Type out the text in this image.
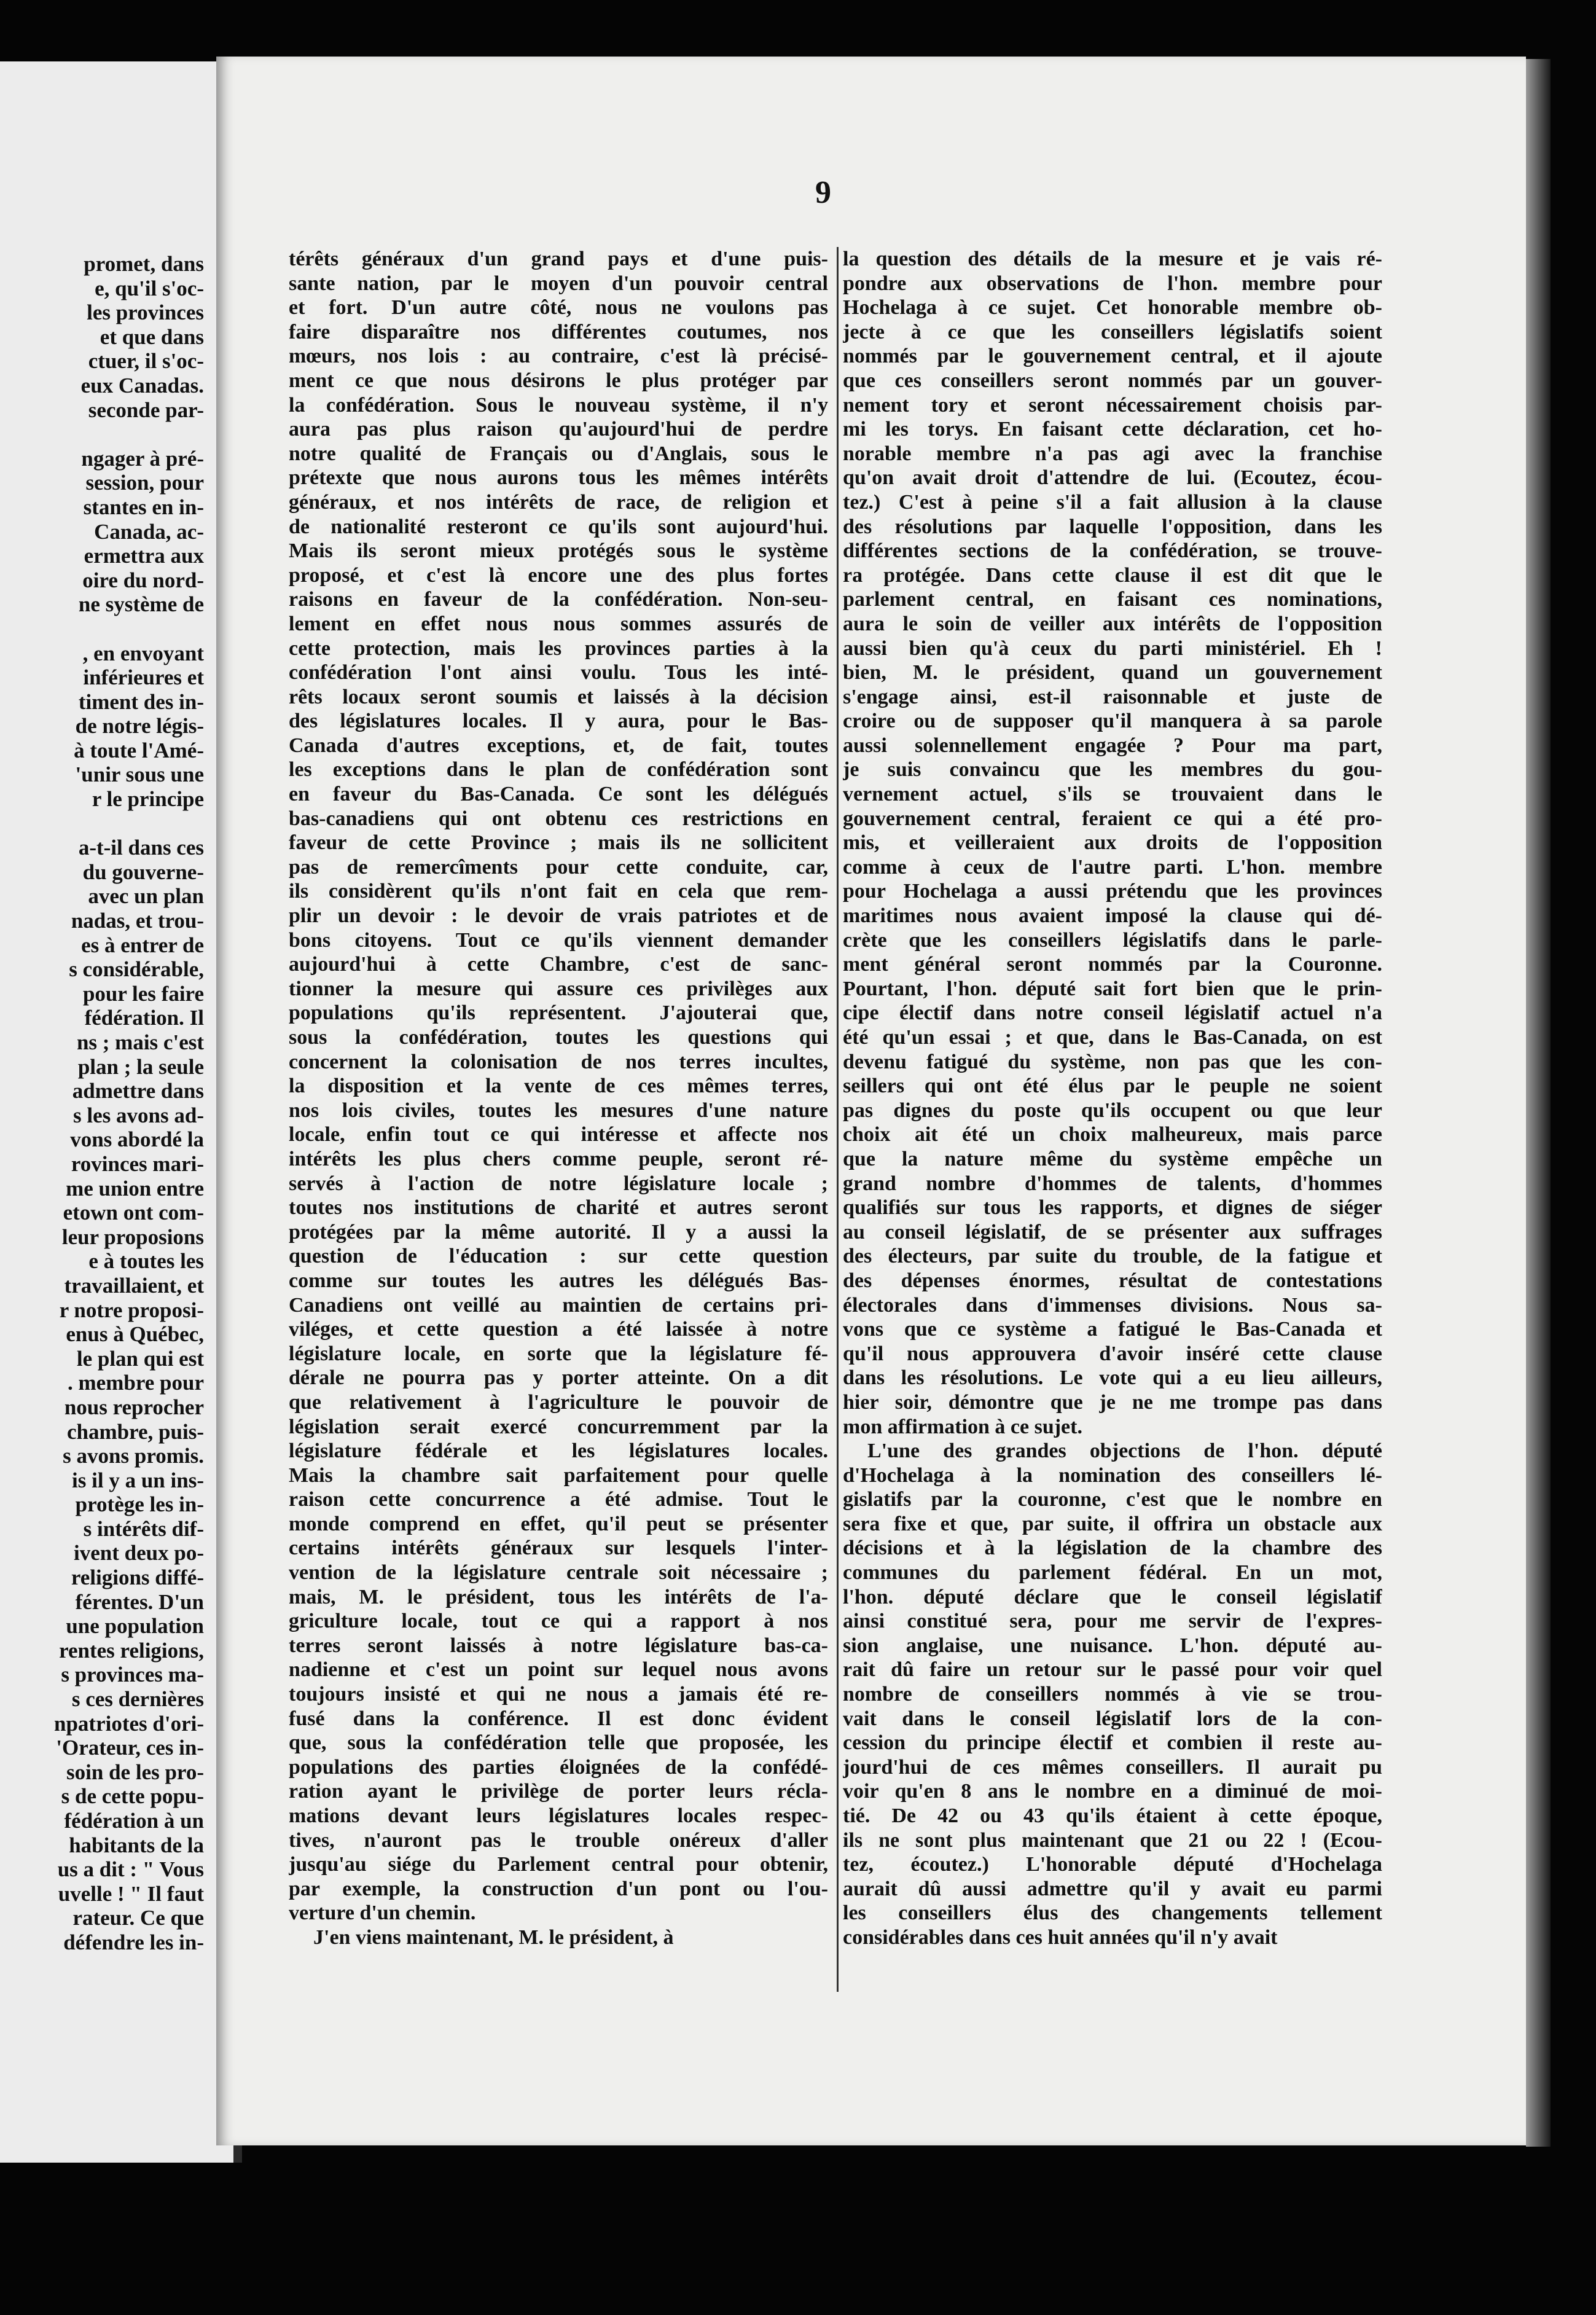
promet, dans
e, qu'il s'oc-
les provinces
et que dans
ctuer, il s'oc-
eux Canadas.
seconde par-
ngager à pré-
session, pour
stantes en in-
Canada, ac-
ermettra aux
oire du nord-
ne système de
, en envoyant
inférieures et
timent des in-
de notre légis-
à toute l'Amé-
'unir sous une
r le principe
a-t-il dans ces
du gouverne-
avec un plan
nadas, et trou-
es à entrer de
s considérable,
pour les faire
fédération. Il
ns ; mais c'est
plan ; la seule
admettre dans
s les avons ad-
vons abordé la
rovinces mari-
me union entre
etown ont com-
leur proposions
e à toutes les
travaillaient, et
r notre proposi-
enus à Québec,
le plan qui est
. membre pour
nous reprocher
chambre, puis-
s avons promis.
is il y a un ins-
protège les in-
s intérêts dif-
ivent deux po-
religions diffé-
férentes. D'un
une population
rentes religions,
s provinces ma-
s ces dernières
npatriotes d'ori-
'Orateur, ces in-
soin de les pro-
s de cette popu-
fédération à un
habitants de la
us a dit : " Vous
uvelle ! " Il faut
rateur. Ce que
défendre les in-
9
térêts généraux d'un grand pays et d'une puis-
sante nation, par le moyen d'un pouvoir central
et fort. D'un autre côté, nous ne voulons pas
faire disparaître nos différentes coutumes, nos
mœurs, nos lois : au contraire, c'est là précisé-
ment ce que nous désirons le plus protéger par
la confédération. Sous le nouveau système, il n'y
aura pas plus raison qu'aujourd'hui de perdre
notre qualité de Français ou d'Anglais, sous le
prétexte que nous aurons tous les mêmes intérêts
généraux, et nos intérêts de race, de religion et
de nationalité resteront ce qu'ils sont aujourd'hui.
Mais ils seront mieux protégés sous le système
proposé, et c'est là encore une des plus fortes
raisons en faveur de la confédération. Non-seu-
lement en effet nous nous sommes assurés de
cette protection, mais les provinces parties à la
confédération l'ont ainsi voulu. Tous les inté-
rêts locaux seront soumis et laissés à la décision
des législatures locales. Il y aura, pour le Bas-
Canada d'autres exceptions, et, de fait, toutes
les exceptions dans le plan de confédération sont
en faveur du Bas-Canada. Ce sont les délégués
bas-canadiens qui ont obtenu ces restrictions en
faveur de cette Province ; mais ils ne sollicitent
pas de remercîments pour cette conduite, car,
ils considèrent qu'ils n'ont fait en cela que rem-
plir un devoir : le devoir de vrais patriotes et de
bons citoyens. Tout ce qu'ils viennent demander
aujourd'hui à cette Chambre, c'est de sanc-
tionner la mesure qui assure ces privilèges aux
populations qu'ils représentent. J'ajouterai que,
sous la confédération, toutes les questions qui
concernent la colonisation de nos terres incultes,
la disposition et la vente de ces mêmes terres,
nos lois civiles, toutes les mesures d'une nature
locale, enfin tout ce qui intéresse et affecte nos
intérêts les plus chers comme peuple, seront ré-
servés à l'action de notre législature locale ;
toutes nos institutions de charité et autres seront
protégées par la même autorité. Il y a aussi la
question de l'éducation : sur cette question
comme sur toutes les autres les délégués Bas-
Canadiens ont veillé au maintien de certains pri-
viléges, et cette question a été laissée à notre
législature locale, en sorte que la législature fé-
dérale ne pourra pas y porter atteinte. On a dit
que relativement à l'agriculture le pouvoir de
législation serait exercé concurremment par la
législature fédérale et les législatures locales.
Mais la chambre sait parfaitement pour quelle
raison cette concurrence a été admise. Tout le
monde comprend en effet, qu'il peut se présenter
certains intérêts généraux sur lesquels l'inter-
vention de la législature centrale soit nécessaire ;
mais, M. le président, tous les intérêts de l'a-
griculture locale, tout ce qui a rapport à nos
terres seront laissés à notre législature bas-ca-
nadienne et c'est un point sur lequel nous avons
toujours insisté et qui ne nous a jamais été re-
fusé dans la conférence. Il est donc évident
que, sous la confédération telle que proposée, les
populations des parties éloignées de la confédé-
ration ayant le privilège de porter leurs récla-
mations devant leurs législatures locales respec-
tives, n'auront pas le trouble onéreux d'aller
jusqu'au siége du Parlement central pour obtenir,
par exemple, la construction d'un pont ou l'ou-
verture d'un chemin.
J'en viens maintenant, M. le président, à
la question des détails de la mesure et je vais ré-
pondre aux observations de l'hon. membre pour
Hochelaga à ce sujet. Cet honorable membre ob-
jecte à ce que les conseillers législatifs soient
nommés par le gouvernement central, et il ajoute
que ces conseillers seront nommés par un gouver-
nement tory et seront nécessairement choisis par-
mi les torys. En faisant cette déclaration, cet ho-
norable membre n'a pas agi avec la franchise
qu'on avait droit d'attendre de lui. (Ecoutez, écou-
tez.) C'est à peine s'il a fait allusion à la clause
des résolutions par laquelle l'opposition, dans les
différentes sections de la confédération, se trouve-
ra protégée. Dans cette clause il est dit que le
parlement central, en faisant ces nominations,
aura le soin de veiller aux intérêts de l'opposition
aussi bien qu'à ceux du parti ministériel. Eh !
bien, M. le président, quand un gouvernement
s'engage ainsi, est-il raisonnable et juste de
croire ou de supposer qu'il manquera à sa parole
aussi solennellement engagée ? Pour ma part,
je suis convaincu que les membres du gou-
vernement actuel, s'ils se trouvaient dans le
gouvernement central, feraient ce qui a été pro-
mis, et veilleraient aux droits de l'opposition
comme à ceux de l'autre parti. L'hon. membre
pour Hochelaga a aussi prétendu que les provinces
maritimes nous avaient imposé la clause qui dé-
crète que les conseillers législatifs dans le parle-
ment général seront nommés par la Couronne.
Pourtant, l'hon. député sait fort bien que le prin-
cipe électif dans notre conseil législatif actuel n'a
été qu'un essai ; et que, dans le Bas-Canada, on est
devenu fatigué du système, non pas que les con-
seillers qui ont été élus par le peuple ne soient
pas dignes du poste qu'ils occupent ou que leur
choix ait été un choix malheureux, mais parce
que la nature même du système empêche un
grand nombre d'hommes de talents, d'hommes
qualifiés sur tous les rapports, et dignes de siéger
au conseil législatif, de se présenter aux suffrages
des électeurs, par suite du trouble, de la fatigue et
des dépenses énormes, résultat de contestations
électorales dans d'immenses divisions. Nous sa-
vons que ce système a fatigué le Bas-Canada et
qu'il nous approuvera d'avoir inséré cette clause
dans les résolutions. Le vote qui a eu lieu ailleurs,
hier soir, démontre que je ne me trompe pas dans
mon affirmation à ce sujet.
L'une des grandes objections de l'hon. député
d'Hochelaga à la nomination des conseillers lé-
gislatifs par la couronne, c'est que le nombre en
sera fixe et que, par suite, il offrira un obstacle aux
décisions et à la législation de la chambre des
communes du parlement fédéral. En un mot,
l'hon. député déclare que le conseil législatif
ainsi constitué sera, pour me servir de l'expres-
sion anglaise, une nuisance. L'hon. député au-
rait dû faire un retour sur le passé pour voir quel
nombre de conseillers nommés à vie se trou-
vait dans le conseil législatif lors de la con-
cession du principe électif et combien il reste au-
jourd'hui de ces mêmes conseillers. Il aurait pu
voir qu'en 8 ans le nombre en a diminué de moi-
tié. De 42 ou 43 qu'ils étaient à cette époque,
ils ne sont plus maintenant que 21 ou 22 ! (Ecou-
tez, écoutez.) L'honorable député d'Hochelaga
aurait dû aussi admettre qu'il y avait eu parmi
les conseillers élus des changements tellement
considérables dans ces huit années qu'il n'y avait
